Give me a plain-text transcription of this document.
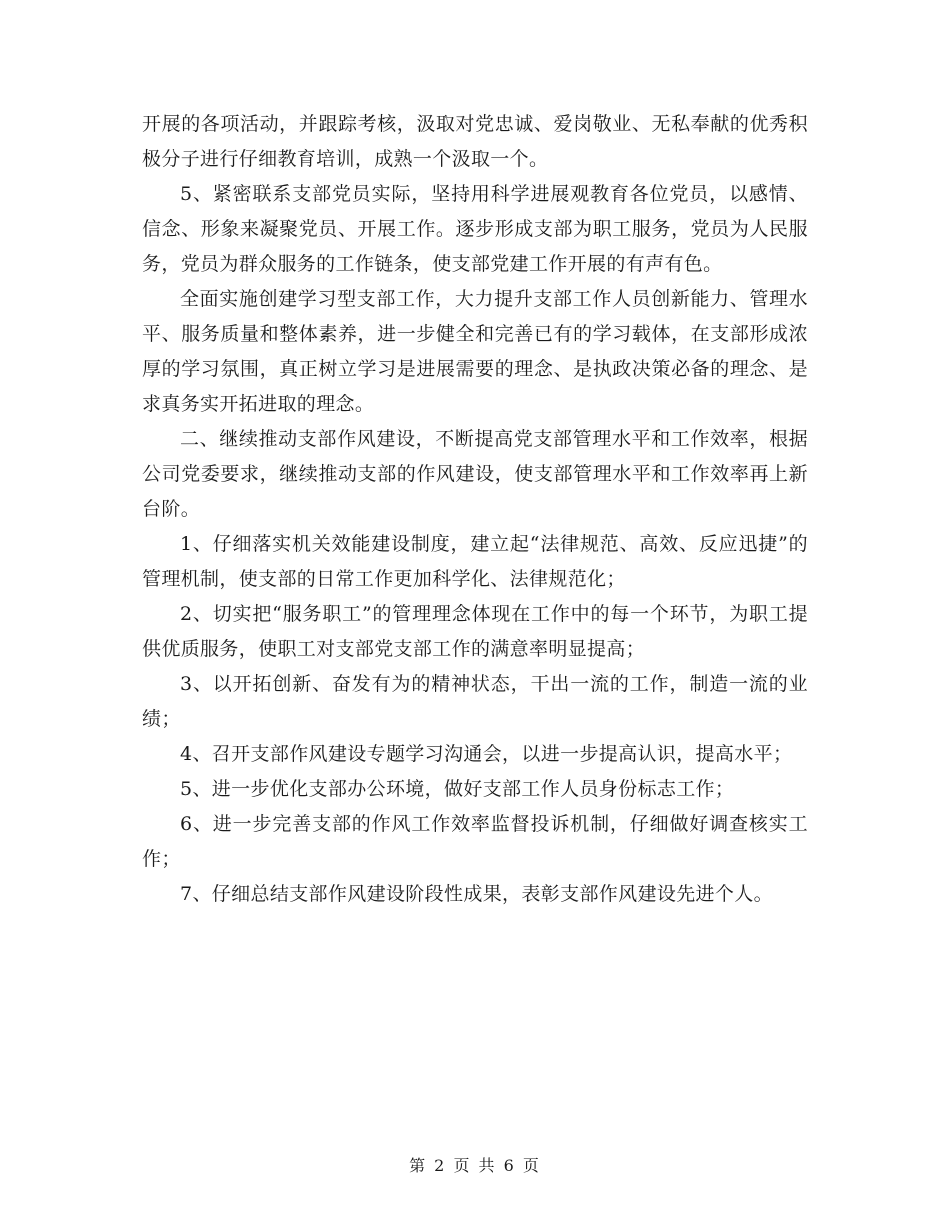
开展的各项活动，并跟踪考核，汲取对党忠诚、爱岗敬业、无私奉献的优秀积极分子进行仔细教育培训，成熟一个汲取一个。

5、紧密联系支部党员实际，坚持用科学进展观教育各位党员，以感情、信念、形象来凝聚党员、开展工作。逐步形成支部为职工服务，党员为人民服务，党员为群众服务的工作链条，使支部党建工作开展的有声有色。

全面实施创建学习型支部工作，大力提升支部工作人员创新能力、管理水平、服务质量和整体素养，进一步健全和完善已有的学习载体，在支部形成浓厚的学习氛围，真正树立学习是进展需要的理念、是执政决策必备的理念、是求真务实开拓进取的理念。

二、继续推动支部作风建设，不断提高党支部管理水平和工作效率，根据公司党委要求，继续推动支部的作风建设，使支部管理水平和工作效率再上新台阶。

1、仔细落实机关效能建设制度，建立起“法律规范、高效、反应迅捷”的管理机制，使支部的日常工作更加科学化、法律规范化；

2、切实把“服务职工”的管理理念体现在工作中的每一个环节，为职工提供优质服务，使职工对支部党支部工作的满意率明显提高；

3、以开拓创新、奋发有为的精神状态，干出一流的工作，制造一流的业绩；

4、召开支部作风建设专题学习沟通会，以进一步提高认识，提高水平；

5、进一步优化支部办公环境，做好支部工作人员身份标志工作；

6、进一步完善支部的作风工作效率监督投诉机制，仔细做好调查核实工作；

7、仔细总结支部作风建设阶段性成果，表彰支部作风建设先进个人。

第 2 页 共 6 页
